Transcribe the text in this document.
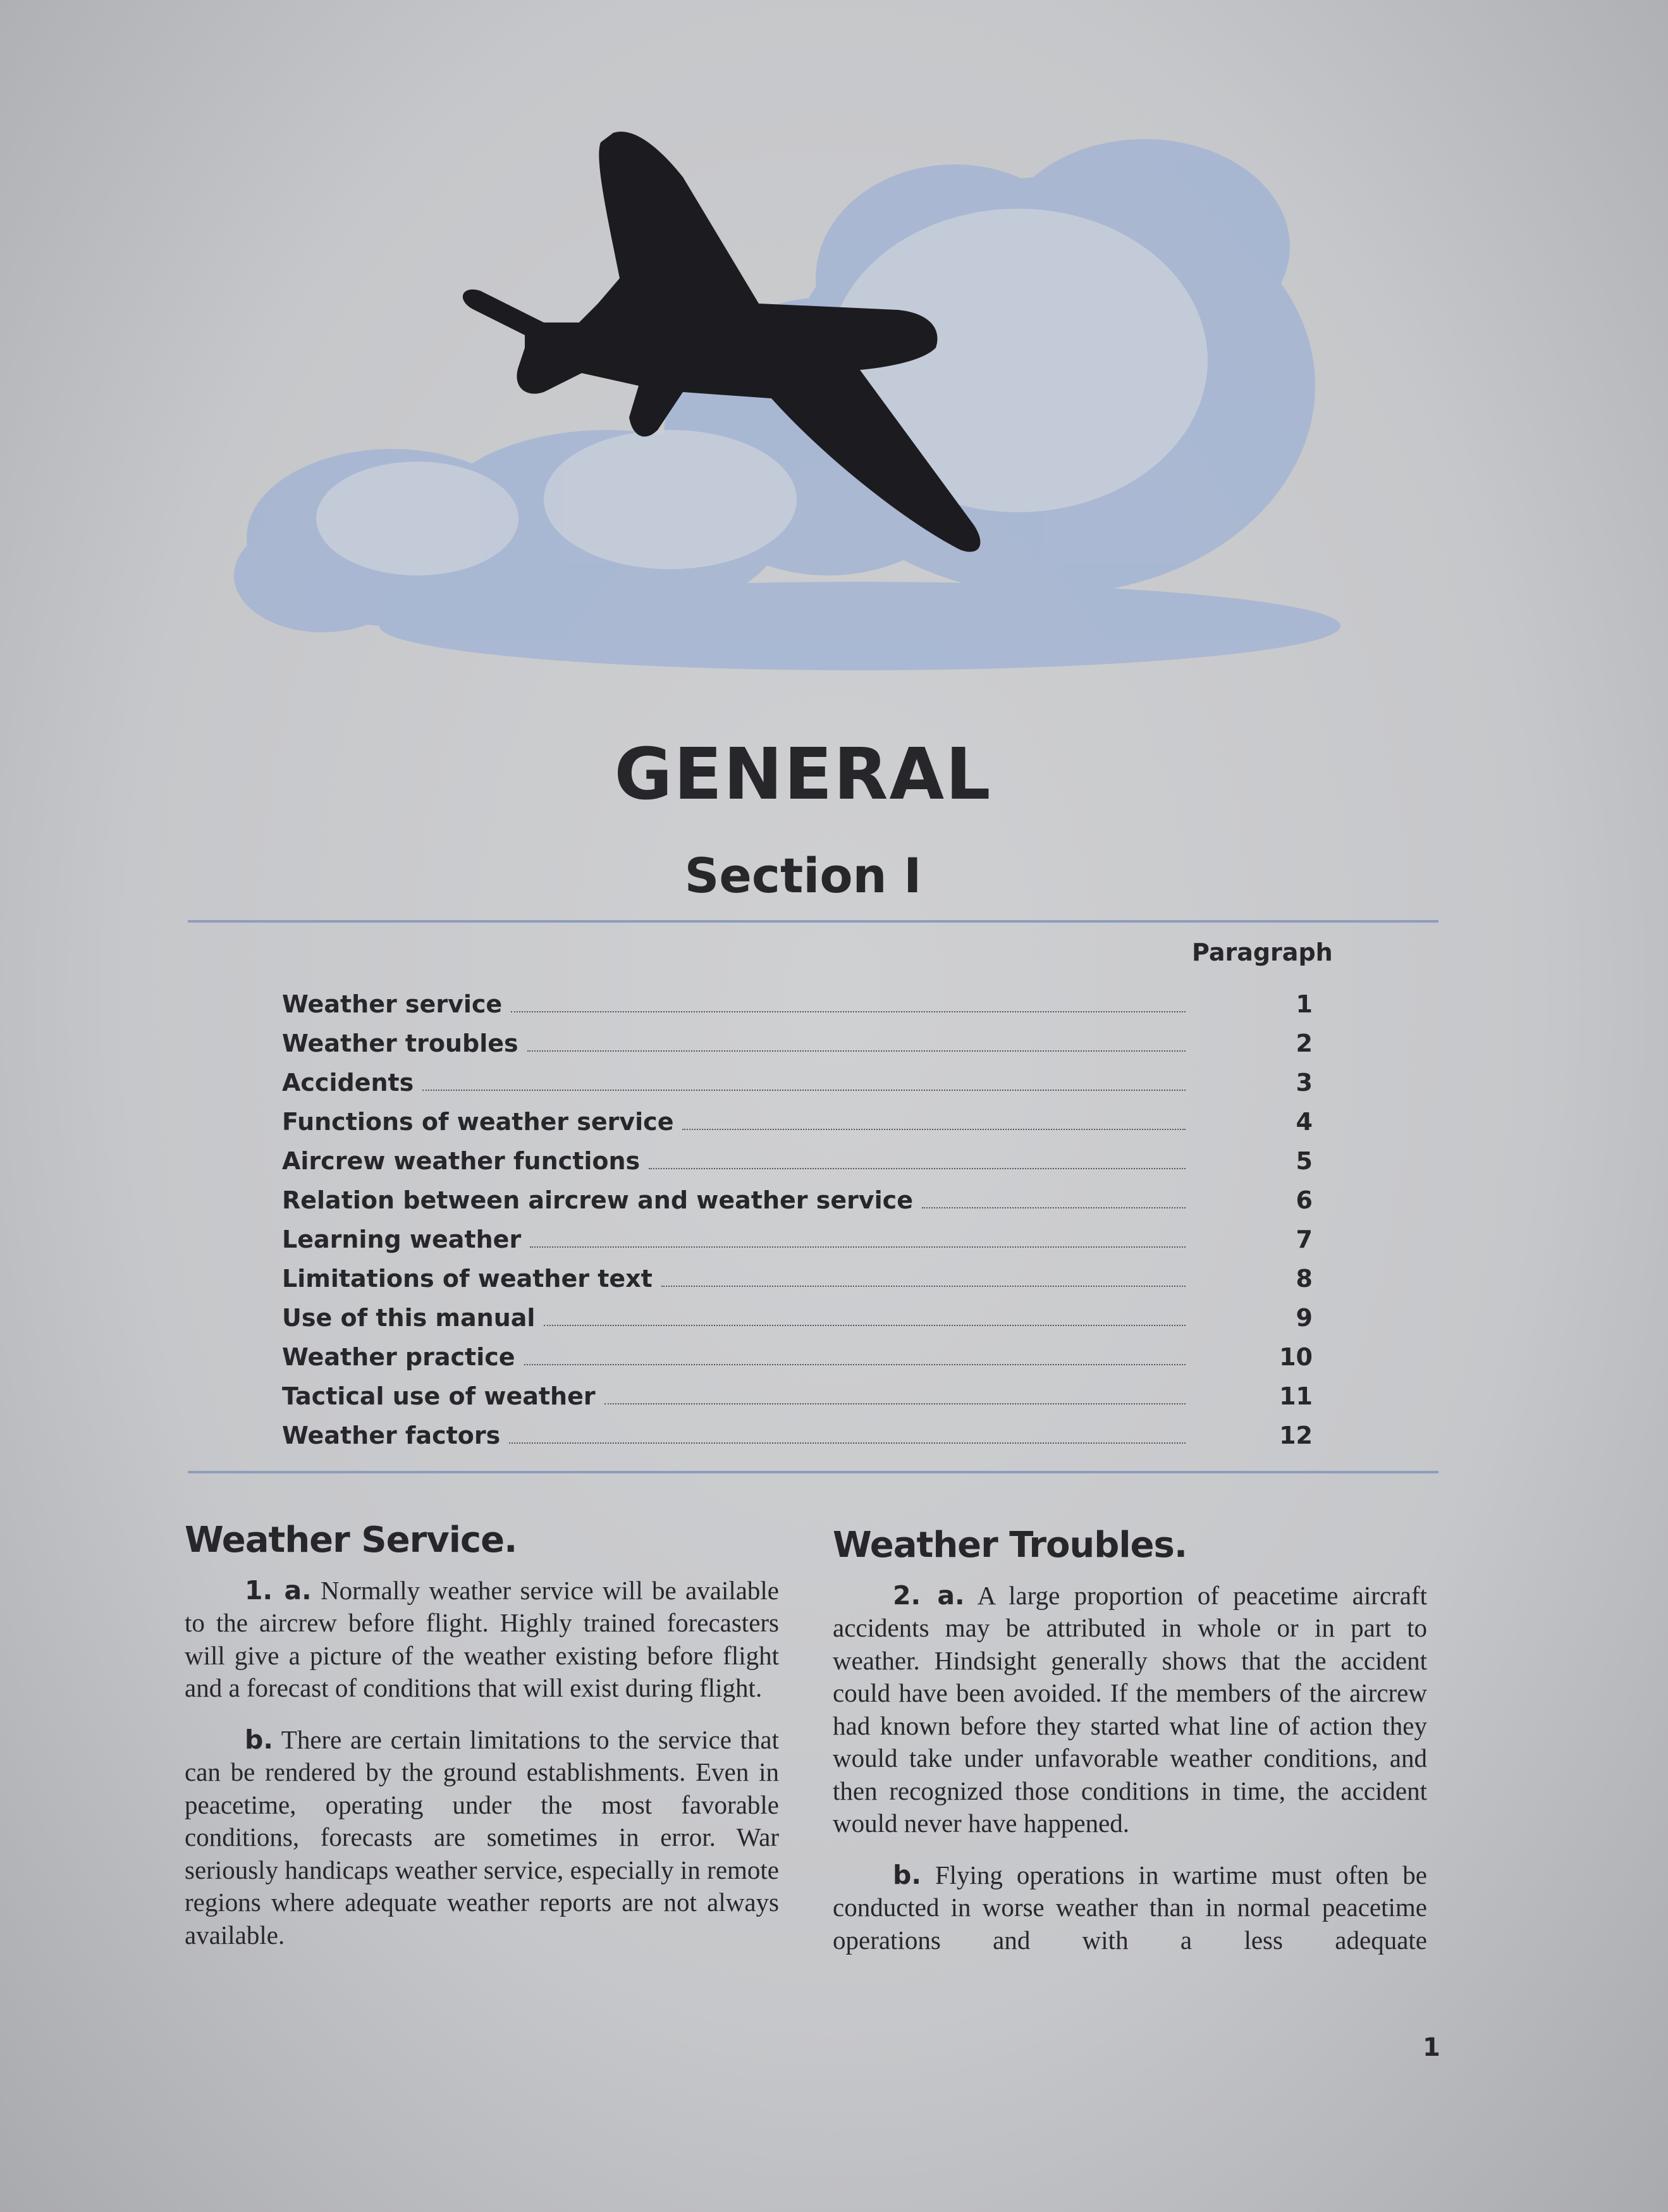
GENERAL
Section I
Paragraph
Weather service	1
Weather troubles	2
Accidents	3
Functions of weather service	4
Aircrew weather functions	5
Relation between aircrew and weather service	6
Learning weather	7
Limitations of weather text	8
Use of this manual	9
Weather practice	10
Tactical use of weather	11
Weather factors	12
Weather Service.

1. a. Normally weather service will be available to the aircrew before flight. Highly trained forecasters will give a picture of the weather existing before flight and a forecast of conditions that will exist during flight.

b. There are certain limitations to the service that can be rendered by the ground establishments. Even in peacetime, operating under the most favorable conditions, forecasts are sometimes in error. War seriously handicaps weather service, especially in remote regions where adequate weather reports are not always available.

Weather Troubles.

2. a. A large proportion of peacetime aircraft accidents may be attributed in whole or in part to weather. Hindsight generally shows that the accident could have been avoided. If the members of the aircrew had known before they started what line of action they would take under unfavorable weather conditions, and then recognized those conditions in time, the accident would never have happened.

b. Flying operations in wartime must often be conducted in worse weather than in normal peacetime operations and with a less adequate

1
